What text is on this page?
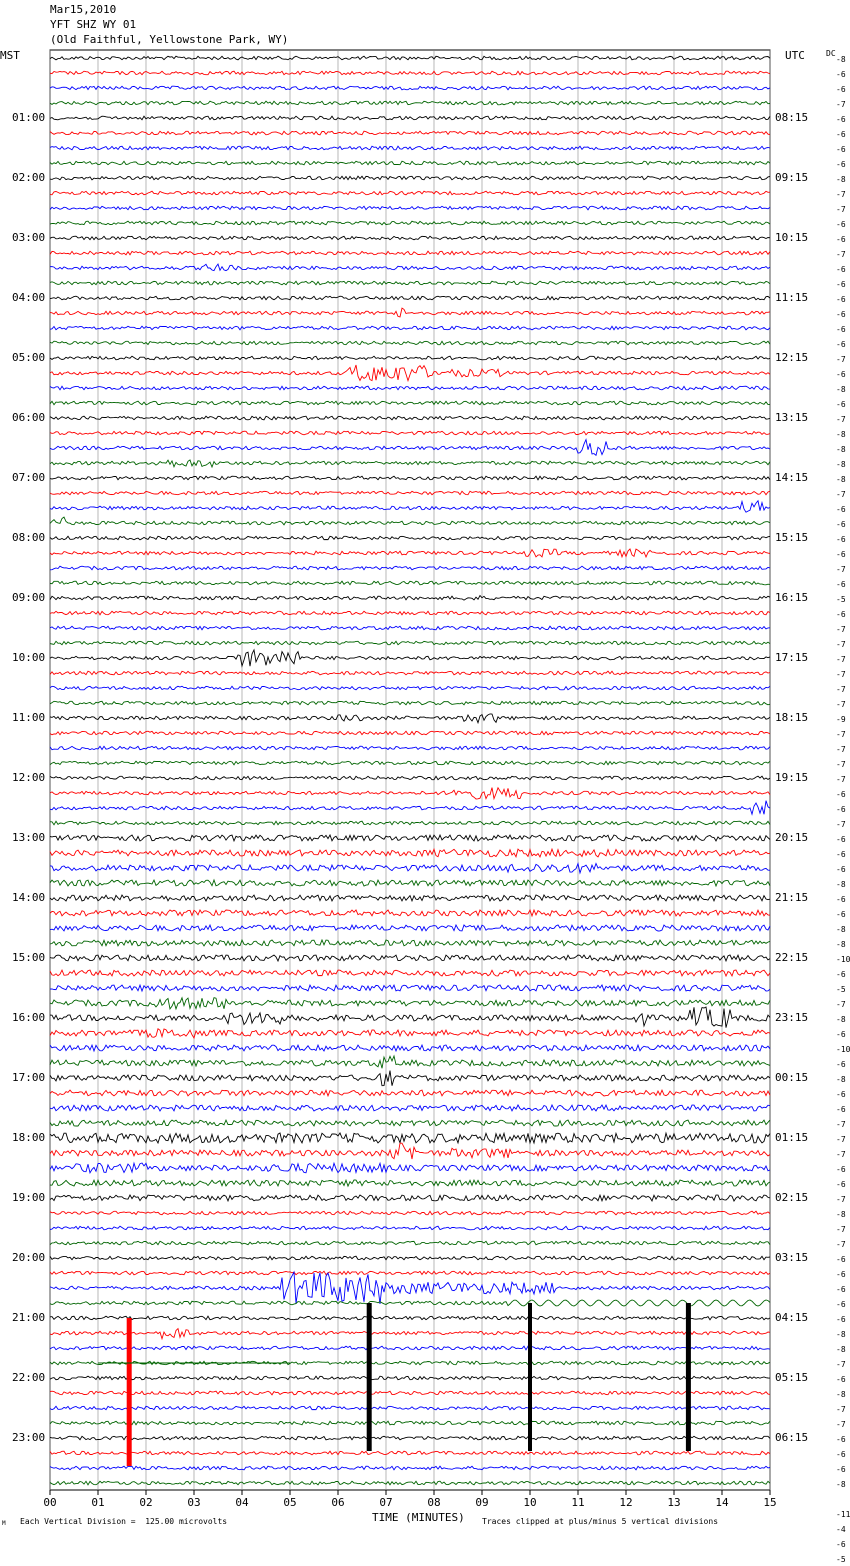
Mar15,2010
YFT SHZ WY 01
(Old Faithful, Yellowstone Park, WY)
MST	UTC	DC
01:00
02:00
03:00
04:00
05:00
06:00
07:00
08:00
09:00
10:00
11:00
12:00
13:00
14:00
15:00
16:00
17:00
18:00
19:00
20:00
21:00
22:00
23:00
08:15
09:15
10:15
11:15
12:15
13:15
14:15
15:15
16:15
17:15
18:15
19:15
20:15
21:15
22:15
23:15
00:15
01:15
02:15
03:15
04:15
05:15
06:15
-8
-6
-6
-7
-6
-6
-6
-6
-8
-7
-7
-6
-6
-7
-6
-6
-6
-6
-6
-6
-7
-6
-8
-6
-7
-8
-8
-8
-8
-7
-6
-6
-6
-6
-7
-6
-5
-6
-7
-7
-7
-7
-7
-7
-9
-7
-7
-7
-7
-6
-6
-7
-6
-6
-6
-8
-6
-6
-8
-8
-10
-6
-5
-7
-8
-6
-10
-6
-8
-6
-6
-7
-7
-7
-6
-6
-7
-8
-7
-7
-6
-6
-6
-6
-6
-8
-8
-7
-6
-8
-7
-7
-6
-6
-6
-8
-11
-4
-6
-5
00	01	02	03	04	05	06	07	08	09	10	11	12	13	14	15
TIME (MINUTES)
Each Vertical Division =  125.00 microvolts	Traces clipped at plus/minus 5 vertical divisions
M
